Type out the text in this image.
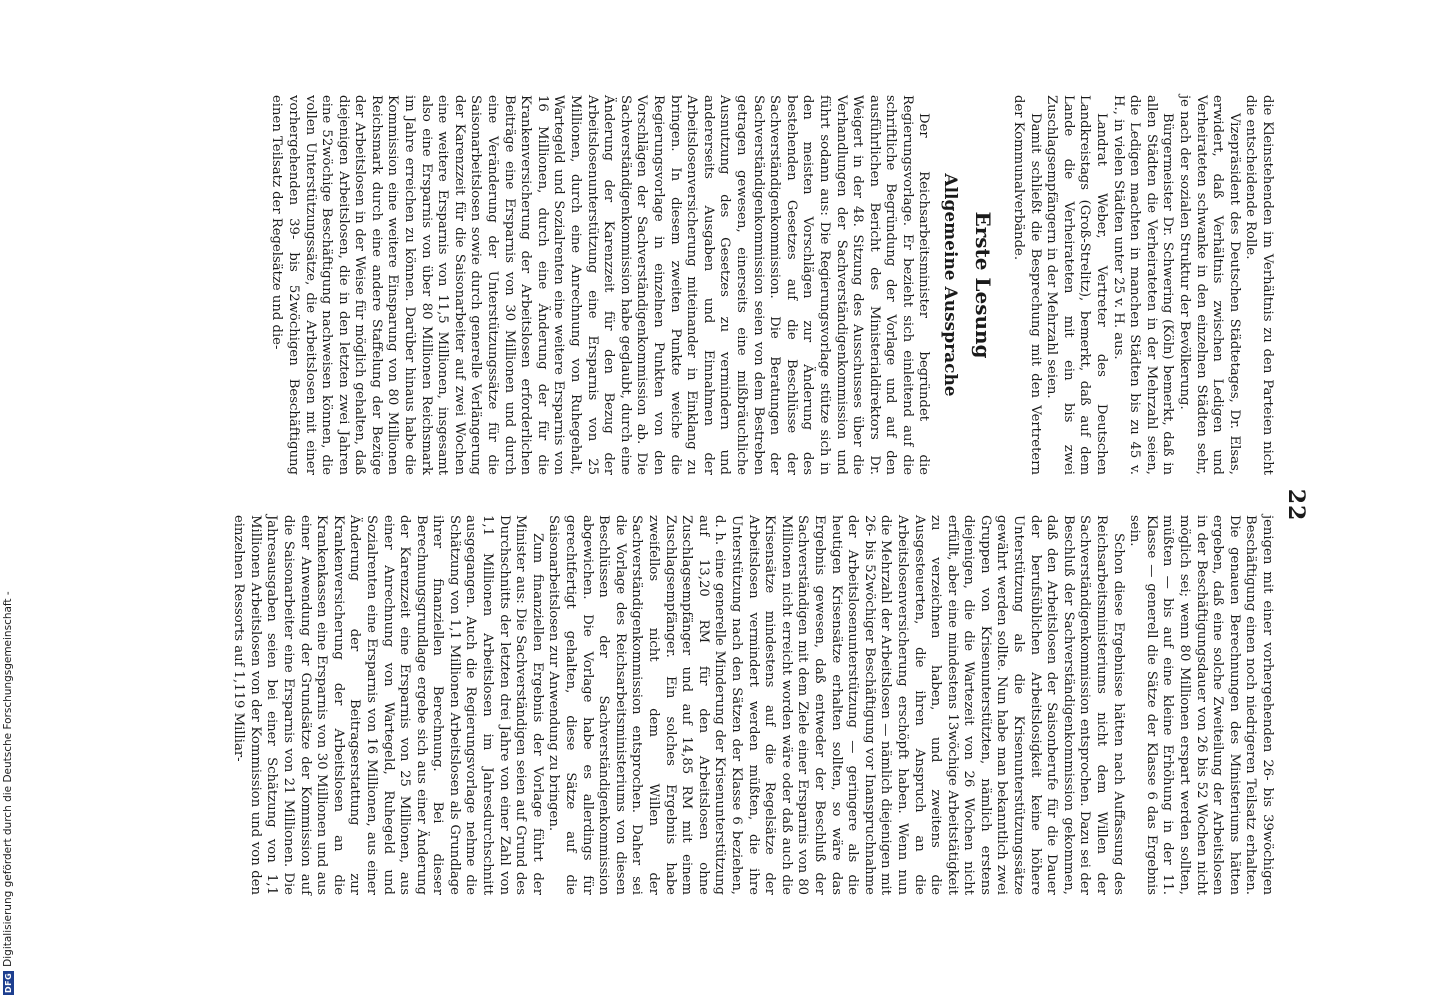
22

die Kleinstehenden im Verhältnis zu den Parteien nicht die entscheidende Rolle.

Vizepräsident des Deutschen Städtetages, Dr. Elsas, erwidert, daß Verhältnis zwischen Ledigen und Verheirateten schwanke in den einzelnen Städten sehr, je nach der sozialen Struktur der Bevölkerung.

Bürgermeister Dr. Schwering (Köln) bemerkt, daß in allen Städten die Verheirateten in der Mehrzahl seien, die Ledigen machten in manchen Städten bis zu 45 v. H., in vielen Städten unter 25 v. H. aus.

Landrat Weber, Vertreter des Deutschen Landkreistags (Groß-Strelitz), bemerkt, daß auf dem Lande die Verheirateten mit ein bis zwei Zuschlagsempfängern in der Mehrzahl seien.

Damit schließt die Besprechung mit den Vertretern der Kommunalverbände.

Erste Lesung
Allgemeine Aussprache

Der Reichsarbeitsminister begründet die Regierungsvorlage. Er bezieht sich einleitend auf die schriftliche Begründung der Vorlage und auf den ausführlichen Bericht des Ministerialdirektors Dr. Weigert in der 48. Sitzung des Ausschusses über die Verhandlungen der Sachverständigenkommission und führt sodann aus: Die Regierungsvorlage stütze sich in den meisten Vorschlägen zur Änderung des bestehenden Gesetzes auf die Beschlüsse der Sachverständigenkommission. Die Beratungen der Sachverständigenkommission seien von dem Bestreben getragen gewesen, einerseits eine mißbräuchliche Ausnutzung des Gesetzes zu vermindern und andererseits Ausgaben und Einnahmen der Arbeitslosenversicherung miteinander in Einklang zu bringen. In diesem zweiten Punkte weiche die Regierungsvorlage in einzelnen Punkten von den Vorschlägen der Sachverständigenkommission ab. Die Sachverständigenkommission habe geglaubt, durch eine Änderung der Karenzzeit für den Bezug der Arbeitslosenunterstützung eine Ersparnis von 25 Millionen, durch eine Anrechnung von Ruhegehalt, Wartegeld und Sozialrenten eine weitere Ersparnis von 16 Millionen, durch eine Änderung der für die Krankenversicherung der Arbeitslosen erforderlichen Beiträge eine Ersparnis von 30 Millionen und durch eine Veränderung der Unterstützungssätze für die Saisonarbeitslosen sowie durch generelle Verlängerung der Karenzzeit für die Saisonarbeiter auf zwei Wochen eine weitere Ersparnis von 11,5 Millionen, insgesamt also eine Ersparnis von über 80 Millionen Reichsmark im Jahre erreichen zu können. Darüber hinaus habe die Kommission eine weitere Einsparung von 80 Millionen Reichsmark durch eine andere Staffelung der Bezüge der Arbeitslosen in der Weise für möglich gehalten, daß diejenigen Arbeitslosen, die in den letzten zwei Jahren eine 52wöchige Beschäftigung nachweisen können, die vollen Unterstützungssätze, die Arbeitslosen mit einer vorhergehenden 39- bis 52wöchigen Beschäftigung einen Teilsatz der Regelsätze und die-

jenigen mit einer vorhergehenden 26- bis 39wöchigen Beschäftigung einen noch niedrigeren Teilsatz erhalten. Die genauen Berechnungen des Ministeriums hätten ergeben, daß eine solche Zweiteilung der Arbeitslosen in der Beschäftigungsdauer von 26 bis 52 Wochen nicht möglich sei; wenn 80 Millionen erspart werden sollten, müßten — bis auf eine kleine Erhöhung in der 11. Klasse — generell die Sätze der Klasse 6 das Ergebnis sein.

Schon diese Ergebnisse hätten nach Auffassung des Reichsarbeitsministeriums nicht dem Willen der Sachverständigenkommission entsprochen. Dazu sei der Beschluß der Sachverständigenkommission gekommen, daß den Arbeitslosen der Saisonberufe für die Dauer der berufsüblichen Arbeitslosigkeit keine höhere Unterstützung als die Krisenunterstützungssätze gewährt werden sollte. Nun habe man bekanntlich zwei Gruppen von Krisenunterstützten, nämlich erstens diejenigen, die die Wartezeit von 26 Wochen nicht erfüllt, aber eine mindestens 13wöchige Arbeitstätigkeit zu verzeichnen haben, und zweitens die Ausgesteuerten, die ihren Anspruch an die Arbeitslosenversicherung erschöpft haben. Wenn nun die Mehrzahl der Arbeitslosen — nämlich diejenigen mit 26- bis 52wöchiger Beschäftigung vor Inanspruchnahme der Arbeitslosenunterstützung — geringere als die heutigen Krisensätze erhalten sollten, so wäre das Ergebnis gewesen, daß entweder der Beschluß der Sachverständigen mit dem Ziele einer Ersparnis von 80 Millionen nicht erreicht worden wäre oder daß auch die Krisensätze mindestens auf die Regelsätze der Arbeitslosen vermindert werden müßten, die ihre Unterstützung nach den Sätzen der Klasse 6 beziehen, d. h. eine generelle Minderung der Krisenunterstützung auf 13,20 RM für den Arbeitslosen ohne Zuschlagsempfänger und auf 14,85 RM mit einem Zuschlagsempfänger. Ein solches Ergebnis habe zweifellos nicht dem Willen der Sachverständigenkommission entsprochen. Daher sei die Vorlage des Reichsarbeitsministeriums von diesen Beschlüssen der Sachverständigenkommission abgewichen. Die Vorlage habe es allerdings für gerechtfertigt gehalten, diese Sätze auf die Saisonarbeitslosen zur Anwendung zu bringen.

Zum finanziellen Ergebnis der Vorlage führt der Minister aus: Die Sachverständigen seien auf Grund des Durchschnitts der letzten drei Jahre von einer Zahl von 1,1 Millionen Arbeitslosen im Jahresdurchschnitt ausgegangen. Auch die Regierungsvorlage nehme die Schätzung von 1,1 Millionen Arbeitslosen als Grundlage ihrer finanziellen Berechnung. Bei dieser Berechnungsgrundlage ergebe sich aus einer Änderung der Karenzzeit eine Ersparnis von 25 Millionen, aus einer Anrechnung von Wartegeld, Ruhegeld und Sozialrenten eine Ersparnis von 16 Millionen, aus einer Änderung der Beitragserstattung zur Krankenversicherung der Arbeitslosen an die Krankenkassen eine Ersparnis von 30 Millionen und aus einer Anwendung der Grundsätze der Kommission auf die Saisonarbeiter eine Ersparnis von 21 Millionen. Die Jahresausgaben seien bei einer Schätzung von 1,1 Millionen Arbeitslosen von der Kommission und von den einzelnen Ressorts auf 1,119 Milliar-

DFG
Digitalisierung gefördert durch die Deutsche Forschungsgemeinschaft -
